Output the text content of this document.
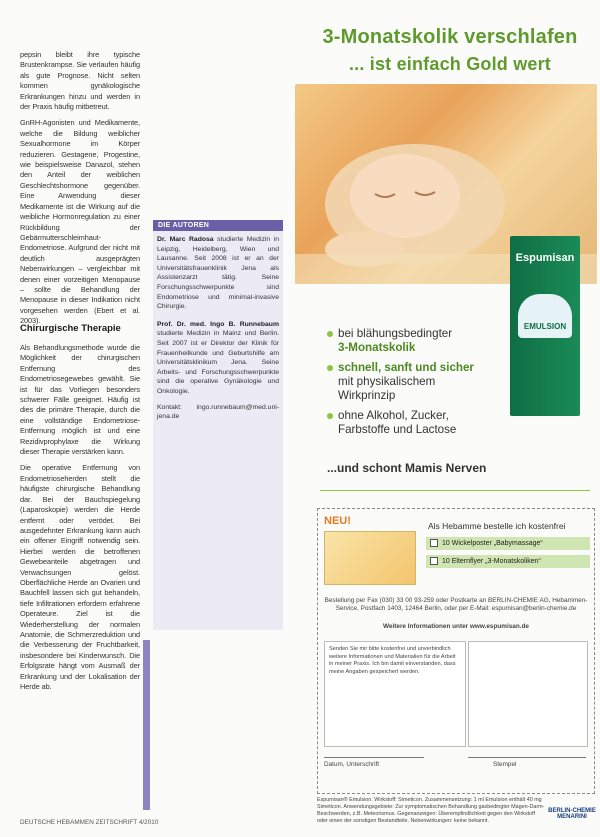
pepsin bleibt ihre typische Brustenkrampse. Sie verlaufen häufig als gute Prognose. Nicht selten kommen gynäkologische Erkrankungen hinzu und werden in der Praxis häufig mitbetreut.

GnRH-Agonisten und Medikamente, welche die Bildung weiblicher Sexualhormone im Körper reduzieren. Gestagene, Progestine, wie beispielsweise Danazol, stehen den Anteil der weiblichen Geschlechtshormone gegenüber. Eine Anwendung dieser Medikamente ist die Wirkung auf die weibliche Hormonregulation zu einer Rückbildung der Gebärmutterschleimhaut-Endometriose. Aufgrund der nicht mit deutlich ausgeprägten Nebenwirkungen – vergleichbar mit denen einer vorzeitigen Menopause – sollte die Behandlung der Menopause in dieser Indikation nicht vorgesehen werden (Ebert et al. 2003).

Chirurgische Therapie

Als Behandlungsmethode wurde die Möglichkeit der chirurgischen Entfernung des Endometriosegewebes gewählt. Sie ist für das Vorliegen besonders schwerer Fälle geeignet. Häufig ist dies die primäre Therapie, durch die eine vollständige Endometriose-Entfernung möglich ist und eine Rezidivprophylaxe die Wirkung dieser Therapie verstärken kann.

Die operative Entfernung von Endometrioseherden stellt die häufigste chirurgische Behandlung dar. Bei der Bauchspiegelung (Laparoskopie) werden die Herde entfernt oder verödet. Bei ausgedehnter Erkrankung kann auch ein offener Eingriff notwendig sein. Hierbei werden die betroffenen Gewebeanteile abgetragen und Verwachsungen gelöst. Oberflächliche Herde an Ovarien und Bauchfell lassen sich gut behandeln, tiefe Infiltrationen erfordern erfahrene Operateure. Ziel ist die Wiederherstellung der normalen Anatomie, die Schmerzreduktion und die Verbesserung der Fruchtbarkeit, insbesondere bei Kinderwunsch. Die Erfolgsrate hängt vom Ausmaß der Erkrankung und der Lokalisation der Herde ab.

DIE AUTOREN
Dr. Marc Radosa studierte Medizin in Leipzig, Heidelberg, Wien und Lausanne. Seit 2008 ist er an der Universitätsfrauenklinik Jena als Assistenzarzt tätig. Seine Forschungsschwerpunkte sind Endometriose und minimal-invasive Chirurgie.
Prof. Dr. med. Ingo B. Runnebaum studierte Medizin in Mainz und Berlin. Seit 2007 ist er Direktor der Klinik für Frauenheilkunde und Geburtshilfe am Universitätsklinikum Jena. Seine Arbeits- und Forschungsschwerpunkte sind die operative Gynäkologie und Onkologie.
Kontakt: ingo.runnebaum@med.uni-jena.de
DEUTSCHE HEBAMMEN ZEITSCHRIFT 4/2010
3-Monatskolik verschlafen
... ist einfach Gold wert
Espumisan
EMULSION
bei blähungsbedingter
3-Monatskolik
schnell, sanft und sicher
mit physikalischem Wirkprinzip
ohne Alkohol, Zucker, Farbstoffe und Lactose
...und schont Mamis Nerven
NEU!	Als Hebamme bestelle ich kostenfrei
10 Wickelposter „Babymassage“
10 Elternflyer „3-Monatskoliken“
Bestellung per Fax (030) 33 00 93-259 oder Postkarte an BERLIN-CHEMIE AG, Hebammen-Service, Postfach 1403, 12464 Berlin, oder per E-Mail: espumisan@berlin-chemie.de
Weitere Informationen unter www.espumisan.de
Senden Sie mir bitte kostenfrei und unverbindlich weitere Informationen und Materialien für die Arbeit in meiner Praxis. Ich bin damit einverstanden, dass meine Angaben gespeichert werden.
Datum, Unterschrift	Stempel
Espumisan® Emulsion. Wirkstoff: Simeticon. Zusammensetzung: 1 ml Emulsion enthält 40 mg Simeticon. Anwendungsgebiete: Zur symptomatischen Behandlung gasbedingter Magen-Darm-Beschwerden, z.B. Meteorismus. Gegenanzeigen: Überempfindlichkeit gegen den Wirkstoff oder einen der sonstigen Bestandteile. Nebenwirkungen: keine bekannt.
BERLIN-CHEMIE MENARINI
